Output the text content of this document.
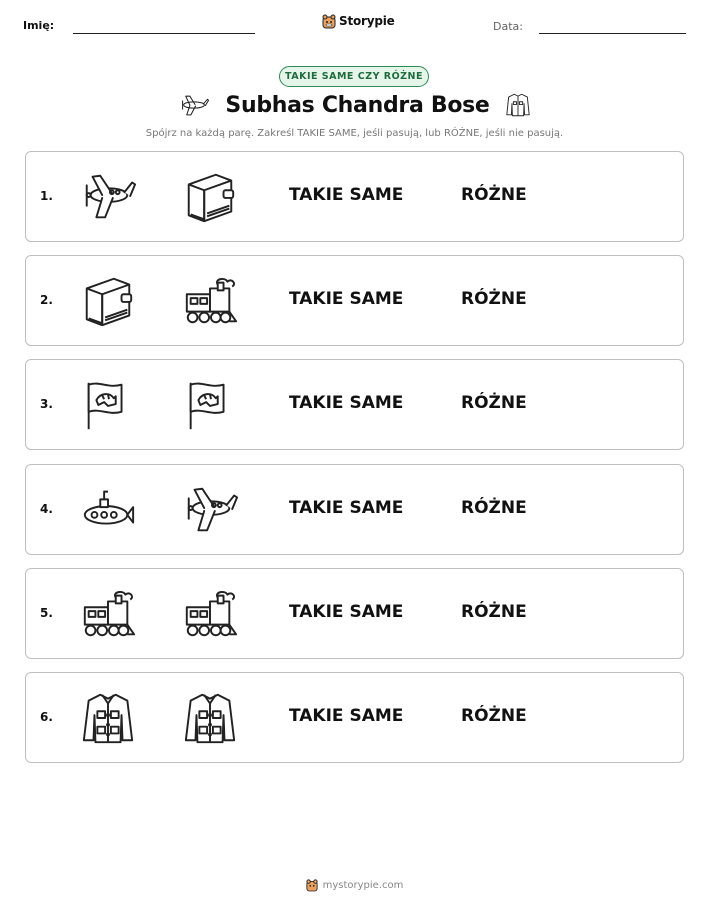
Imię:	Storypie	Data:
TAKIE SAME CZY RÓŻNE
Subhas Chandra Bose
Spójrz na każdą parę. Zakreśl TAKIE SAME, jeśli pasują, lub RÓŻNE, jeśli nie pasują.
1.	TAKIE SAME	RÓŻNE
2.	TAKIE SAME	RÓŻNE
3.	TAKIE SAME	RÓŻNE
4.	TAKIE SAME	RÓŻNE
5.	TAKIE SAME	RÓŻNE
6.	TAKIE SAME	RÓŻNE
mystorypie.com
